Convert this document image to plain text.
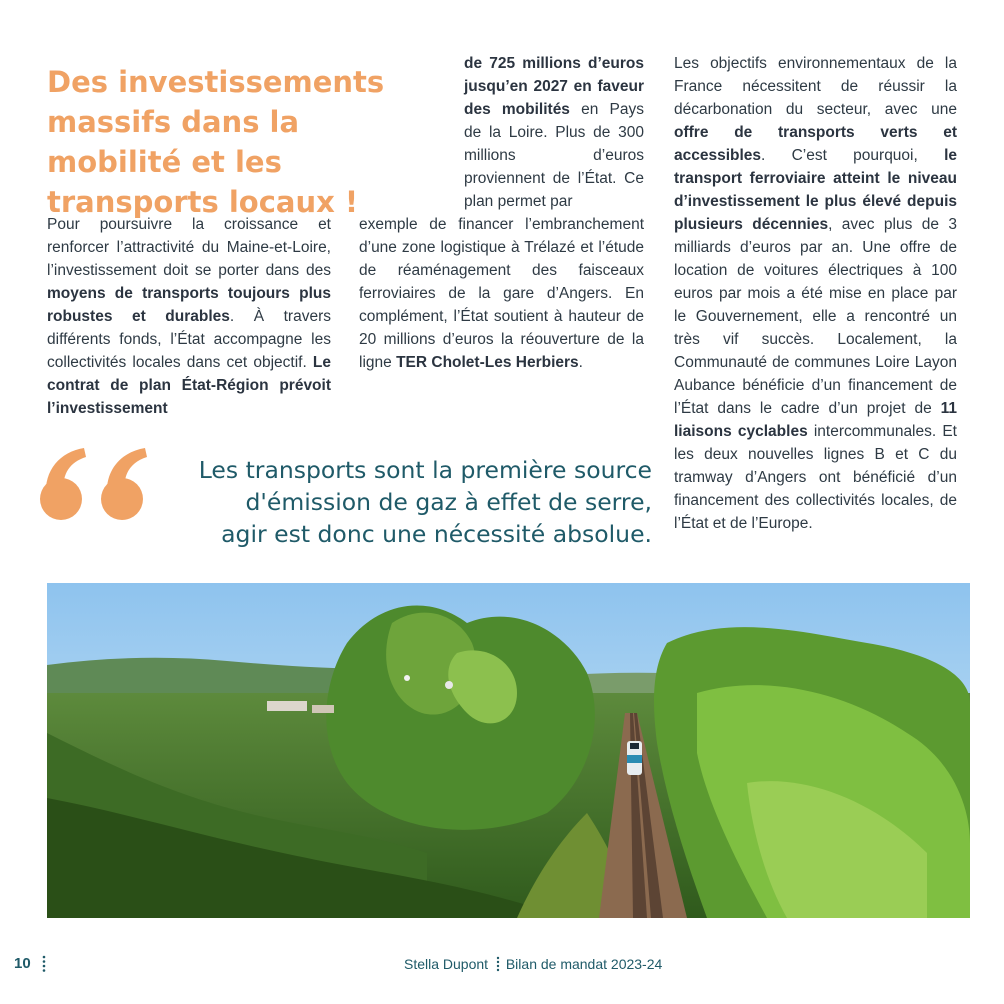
Des investissements massifs dans la mobilité et les transports locaux !

Pour poursuivre la croissance et renforcer l’attractivité du Maine-et-Loire, l’investissement doit se porter dans des moyens de transports toujours plus robustes et durables. À travers différents fonds, l’État accompagne les collectivités locales dans cet objectif. Le contrat de plan État-Région prévoit l’investissement

de 725 millions d’euros jusqu’en 2027 en faveur des mobilités en Pays de la Loire. Plus de 300 millions d’euros proviennent de l’État. Ce plan permet par

exemple de financer l’embranchement d’une zone logistique à Trélazé et l’étude de réaménagement des faisceaux ferroviaires de la gare d’Angers. En complément, l’État soutient à hauteur de 20 millions d’euros la réouverture de la ligne TER Cholet-Les Herbiers.

Les objectifs environnementaux de la France nécessitent de réussir la décarbonation du secteur, avec une offre de transports verts et accessibles. C’est pourquoi, le transport ferroviaire atteint le niveau d’investissement le plus élevé depuis plusieurs décennies, avec plus de 3 milliards d’euros par an. Une offre de location de voitures électriques à 100 euros par mois a été mise en place par le Gouvernement, elle a rencontré un très vif succès. Localement, la Communauté de communes Loire Layon Aubance bénéficie d’un financement de l’État dans le cadre d’un projet de 11 liaisons cyclables intercommunales. Et les deux nouvelles lignes B et C du tramway d’Angers ont bénéficié d’un financement des collectivités locales, de l’État et de l’Europe.

Les transports sont la première source
d'émission de gaz à effet de serre,
agir est donc une nécessité absolue.
10	Stella Dupont Bilan de mandat 2023-24
